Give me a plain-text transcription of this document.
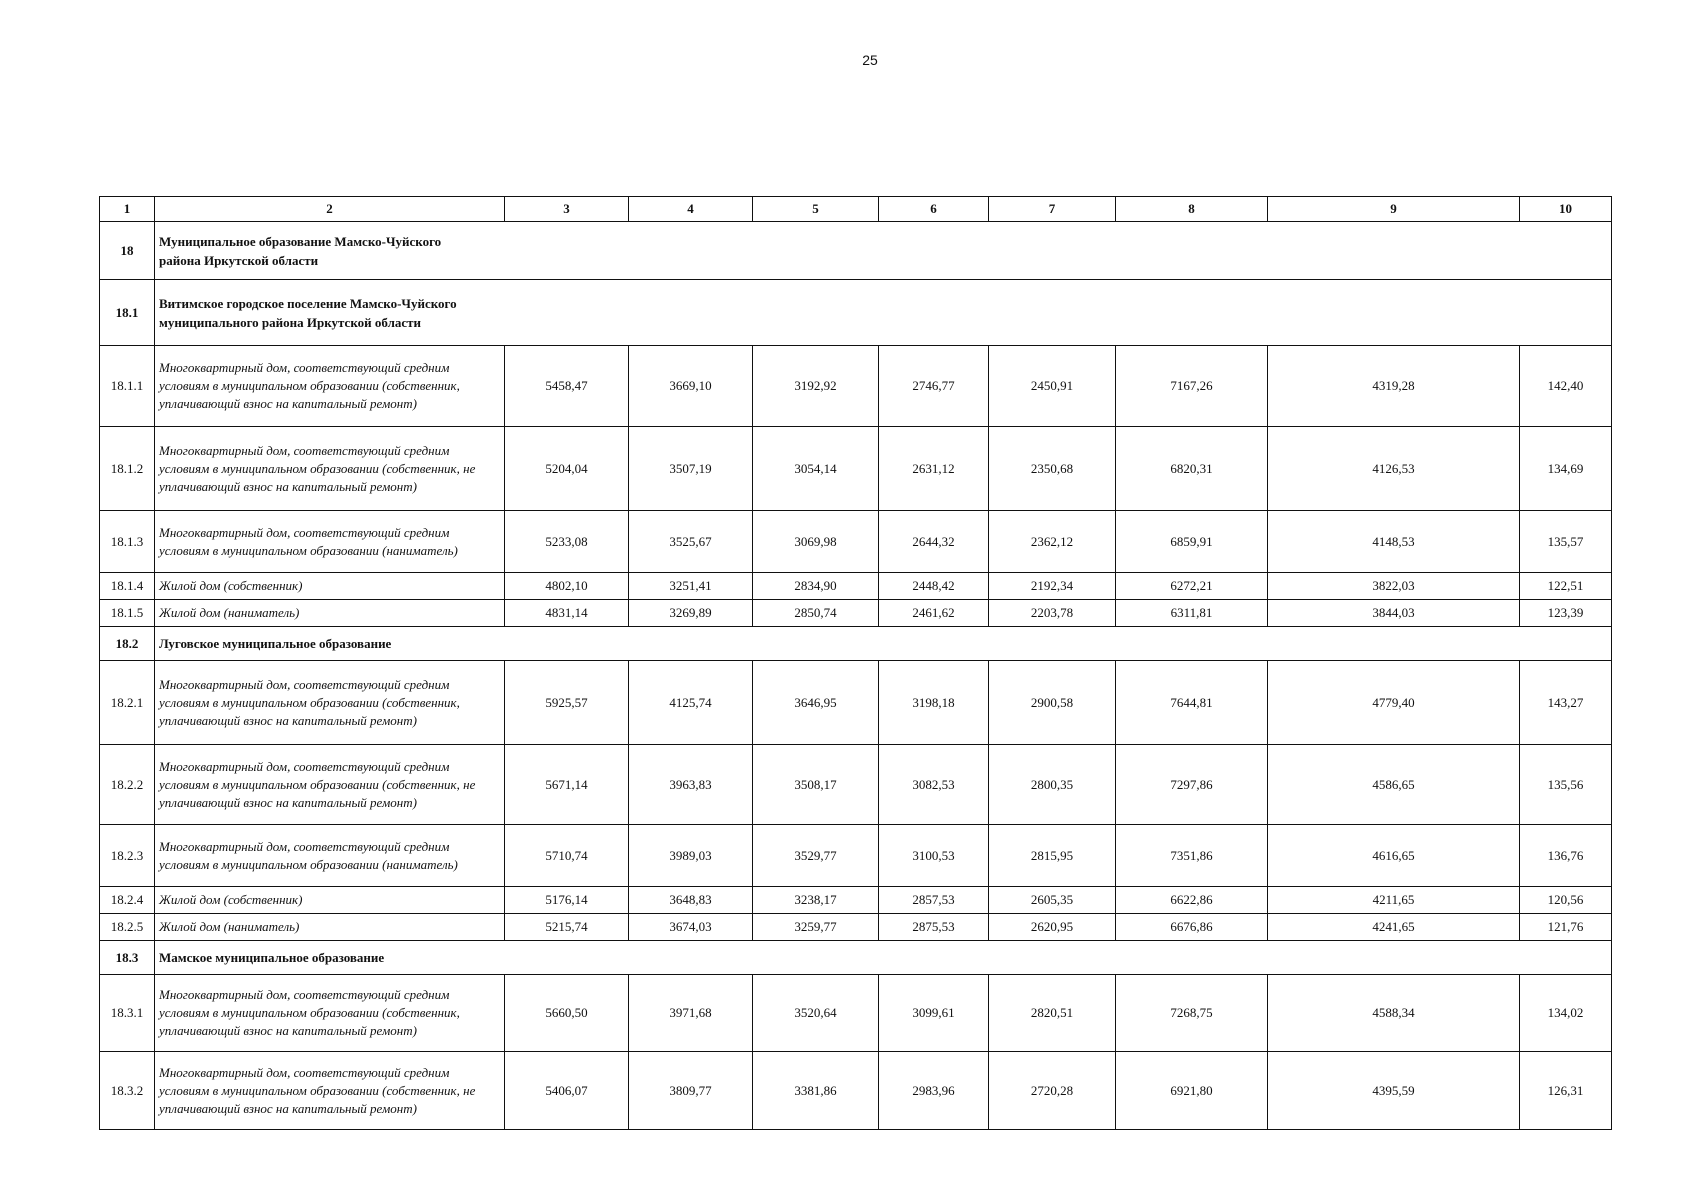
25
1	2	3	4	5	6	7	8	9	10
18	Муниципальное образование Мамско-Чуйского района Иркутской области								
18.1	Витимское городское поселение Мамско-Чуйского муниципального района Иркутской области								
18.1.1	Многоквартирный дом, соответствующий средним условиям в муниципальном образовании (собственник, уплачивающий взнос на капитальный ремонт)	5458,47	3669,10	3192,92	2746,77	2450,91	7167,26	4319,28	142,40
18.1.2	Многоквартирный дом, соответствующий средним условиям в муниципальном образовании (собственник, не уплачивающий взнос на капитальный ремонт)	5204,04	3507,19	3054,14	2631,12	2350,68	6820,31	4126,53	134,69
18.1.3	Многоквартирный дом, соответствующий средним условиям в муниципальном образовании (наниматель)	5233,08	3525,67	3069,98	2644,32	2362,12	6859,91	4148,53	135,57
18.1.4	Жилой дом (собственник)	4802,10	3251,41	2834,90	2448,42	2192,34	6272,21	3822,03	122,51
18.1.5	Жилой дом (наниматель)	4831,14	3269,89	2850,74	2461,62	2203,78	6311,81	3844,03	123,39
18.2	Луговское муниципальное образование								
18.2.1	Многоквартирный дом, соответствующий средним условиям в муниципальном образовании (собственник, уплачивающий взнос на капитальный ремонт)	5925,57	4125,74	3646,95	3198,18	2900,58	7644,81	4779,40	143,27
18.2.2	Многоквартирный дом, соответствующий средним условиям в муниципальном образовании (собственник, не уплачивающий взнос на капитальный ремонт)	5671,14	3963,83	3508,17	3082,53	2800,35	7297,86	4586,65	135,56
18.2.3	Многоквартирный дом, соответствующий средним условиям в муниципальном образовании (наниматель)	5710,74	3989,03	3529,77	3100,53	2815,95	7351,86	4616,65	136,76
18.2.4	Жилой дом (собственник)	5176,14	3648,83	3238,17	2857,53	2605,35	6622,86	4211,65	120,56
18.2.5	Жилой дом (наниматель)	5215,74	3674,03	3259,77	2875,53	2620,95	6676,86	4241,65	121,76
18.3	Мамское муниципальное образование								
18.3.1	Многоквартирный дом, соответствующий средним условиям в муниципальном образовании (собственник, уплачивающий взнос на капитальный ремонт)	5660,50	3971,68	3520,64	3099,61	2820,51	7268,75	4588,34	134,02
18.3.2	Многоквартирный дом, соответствующий средним условиям в муниципальном образовании (собственник, не уплачивающий взнос на капитальный ремонт)	5406,07	3809,77	3381,86	2983,96	2720,28	6921,80	4395,59	126,31
